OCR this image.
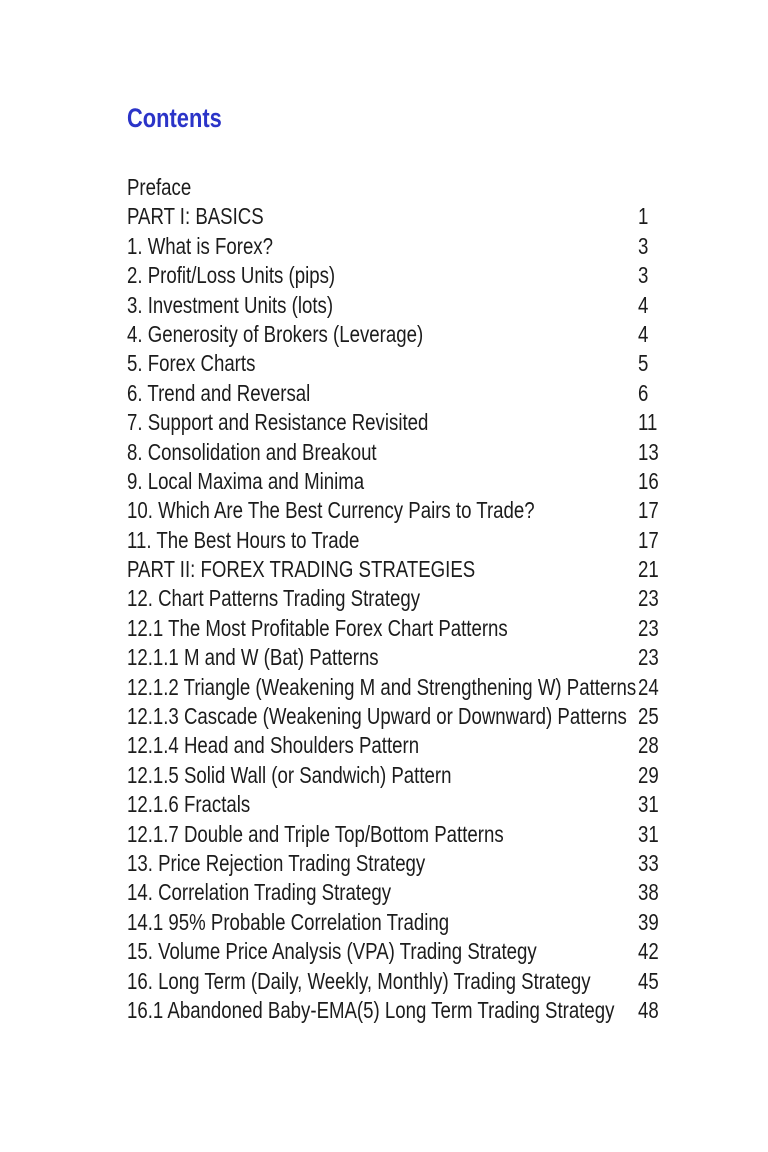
Contents
Preface
PART I: BASICS	1
1. What is Forex?	3
2. Profit/Loss Units (pips)	3
3. Investment Units (lots)	4
4. Generosity of Brokers (Leverage)	4
5. Forex Charts	5
6. Trend and Reversal	6
7. Support and Resistance Revisited	11
8. Consolidation and Breakout	13
9. Local Maxima and Minima	16
10. Which Are The Best Currency Pairs to Trade?	17
11. The Best Hours to Trade	17
PART II: FOREX TRADING STRATEGIES	21
12. Chart Patterns Trading Strategy	23
12.1 The Most Profitable Forex Chart Patterns	23
12.1.1 M and W (Bat) Patterns	23
12.1.2 Triangle (Weakening M and Strengthening W) Patterns 24
12.1.3 Cascade (Weakening Upward or Downward) Patterns 25
12.1.4 Head and Shoulders Pattern	28
12.1.5 Solid Wall (or Sandwich) Pattern	29
12.1.6 Fractals	31
12.1.7 Double and Triple Top/Bottom Patterns	31
13. Price Rejection Trading Strategy	33
14. Correlation Trading Strategy	38
14.1 95% Probable Correlation Trading	39
15. Volume Price Analysis (VPA) Trading Strategy	42
16. Long Term (Daily, Weekly, Monthly) Trading Strategy 45
16.1 Abandoned Baby-EMA(5) Long Term Trading Strategy 48
